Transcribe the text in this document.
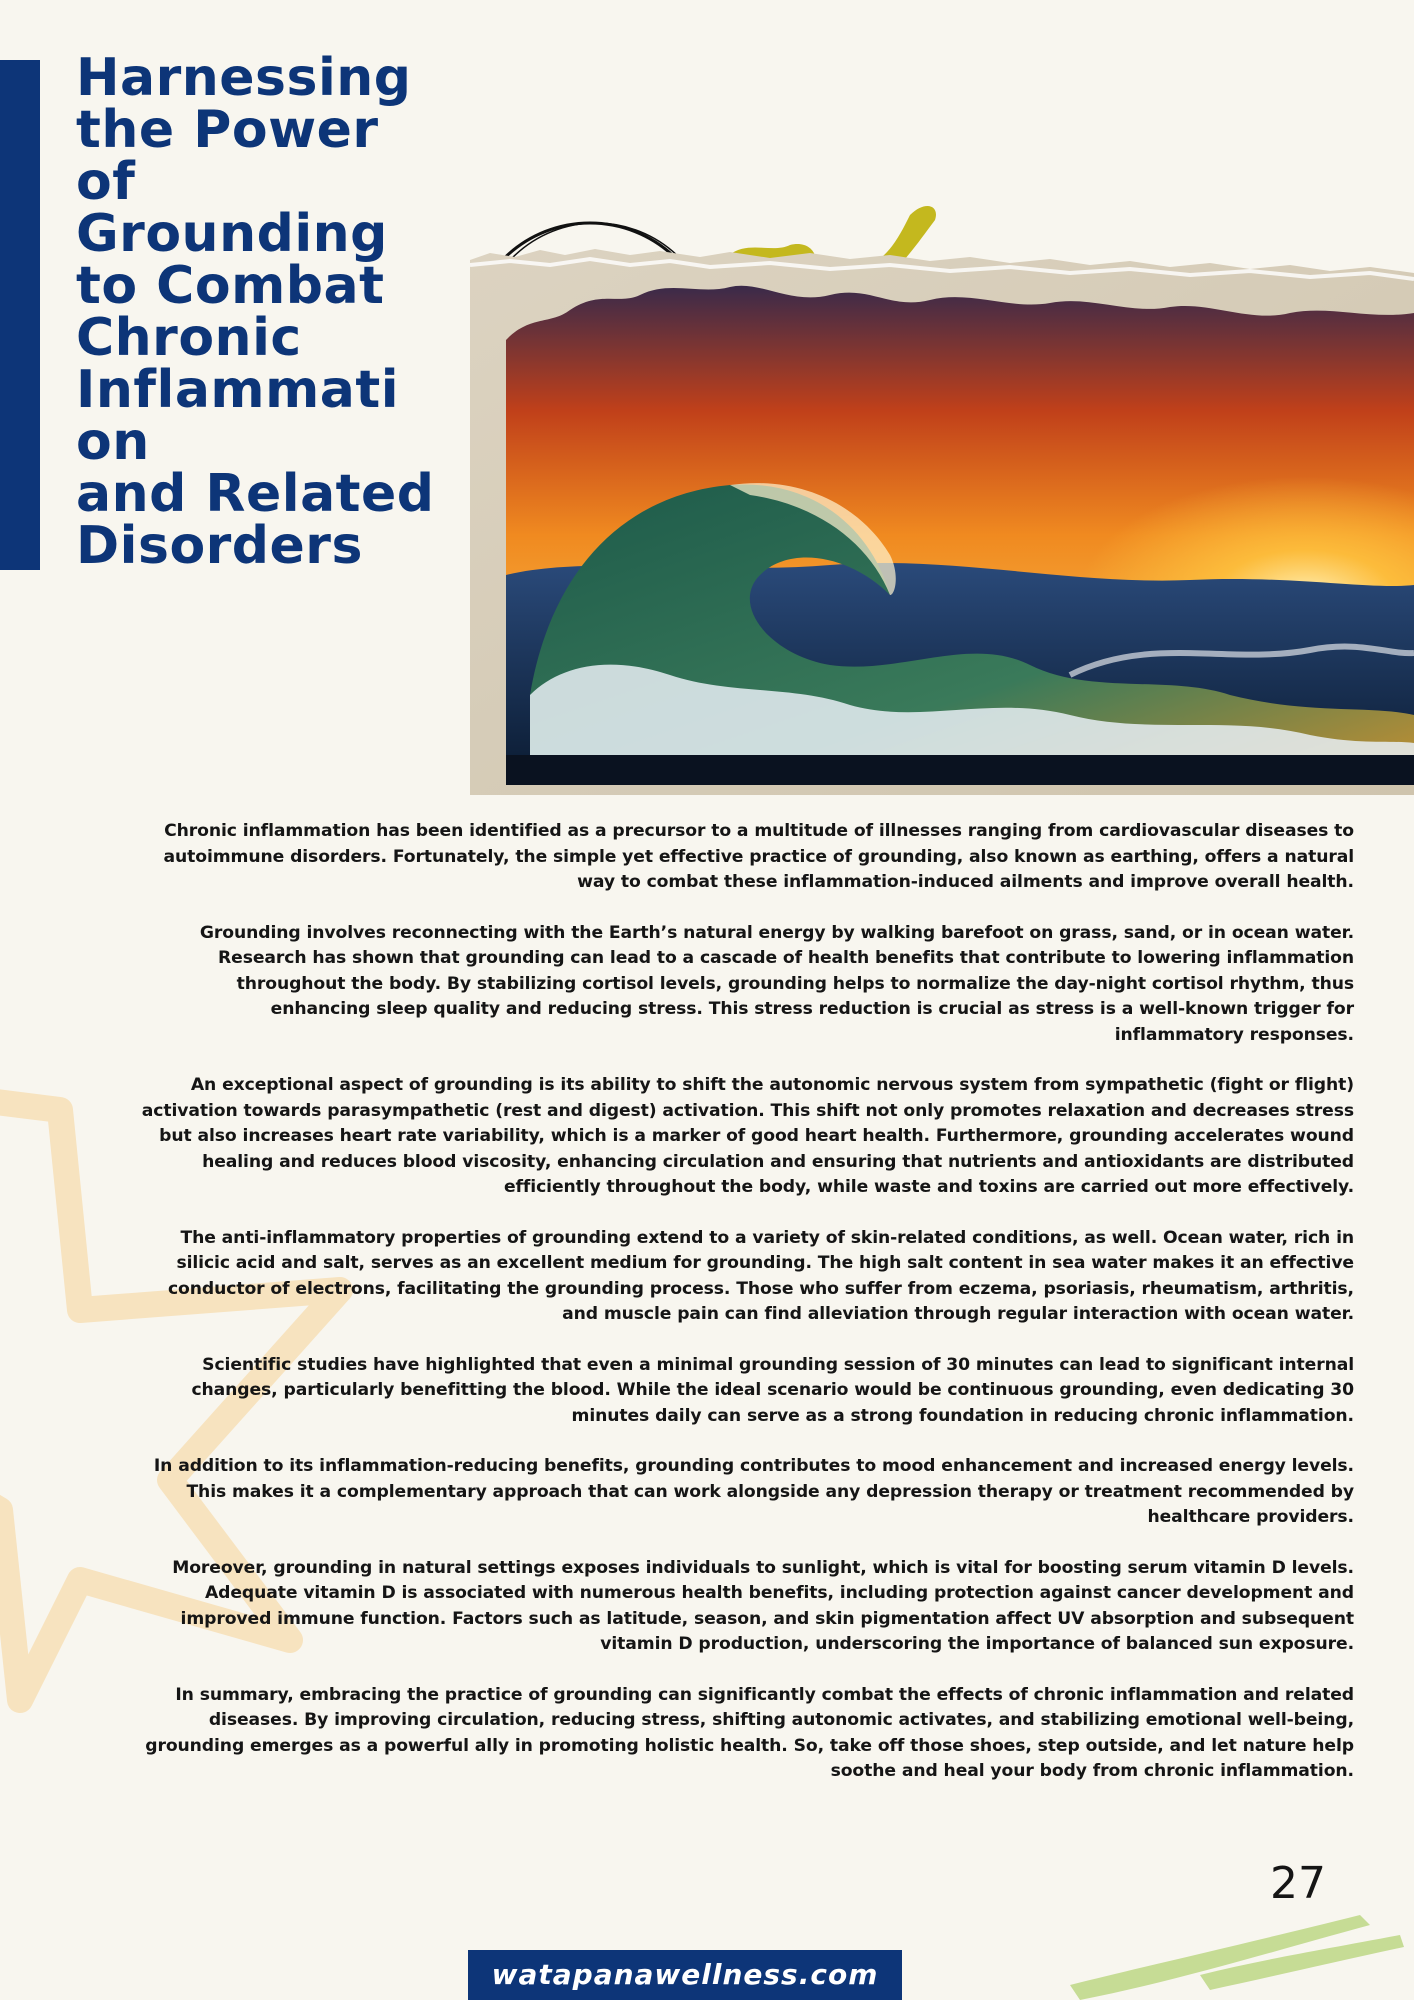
Harnessing
the Power
of
Grounding
to Combat
Chronic
Inflammati
on
and Related
Disorders

Chronic inflammation has been identified as a precursor to a multitude of illnesses ranging from cardiovascular diseases to autoimmune disorders. Fortunately, the simple yet effective practice of grounding, also known as earthing, offers a natural way to combat these inflammation-induced ailments and improve overall health.

Grounding involves reconnecting with the Earth’s natural energy by walking barefoot on grass, sand, or in ocean water. Research has shown that grounding can lead to a cascade of health benefits that contribute to lowering inflammation throughout the body. By stabilizing cortisol levels, grounding helps to normalize the day-night cortisol rhythm, thus enhancing sleep quality and reducing stress. This stress reduction is crucial as stress is a well-known trigger for inflammatory responses.

An exceptional aspect of grounding is its ability to shift the autonomic nervous system from sympathetic (fight or flight) activation towards parasympathetic (rest and digest) activation. This shift not only promotes relaxation and decreases stress but also increases heart rate variability, which is a marker of good heart health. Furthermore, grounding accelerates wound healing and reduces blood viscosity, enhancing circulation and ensuring that nutrients and antioxidants are distributed efficiently throughout the body, while waste and toxins are carried out more effectively.

The anti-inflammatory properties of grounding extend to a variety of skin-related conditions, as well. Ocean water, rich in silicic acid and salt, serves as an excellent medium for grounding. The high salt content in sea water makes it an effective conductor of electrons, facilitating the grounding process. Those who suffer from eczema, psoriasis, rheumatism, arthritis, and muscle pain can find alleviation through regular interaction with ocean water.

Scientific studies have highlighted that even a minimal grounding session of 30 minutes can lead to significant internal changes, particularly benefitting the blood. While the ideal scenario would be continuous grounding, even dedicating 30 minutes daily can serve as a strong foundation in reducing chronic inflammation.

In addition to its inflammation-reducing benefits, grounding contributes to mood enhancement and increased energy levels. This makes it a complementary approach that can work alongside any depression therapy or treatment recommended by healthcare providers.

Moreover, grounding in natural settings exposes individuals to sunlight, which is vital for boosting serum vitamin D levels. Adequate vitamin D is associated with numerous health benefits, including protection against cancer development and improved immune function. Factors such as latitude, season, and skin pigmentation affect UV absorption and subsequent vitamin D production, underscoring the importance of balanced sun exposure.

In summary, embracing the practice of grounding can significantly combat the effects of chronic inflammation and related diseases. By improving circulation, reducing stress, shifting autonomic activates, and stabilizing emotional well-being, grounding emerges as a powerful ally in promoting holistic health. So, take off those shoes, step outside, and let nature help soothe and heal your body from chronic inflammation.

27
watapanawellness.com
